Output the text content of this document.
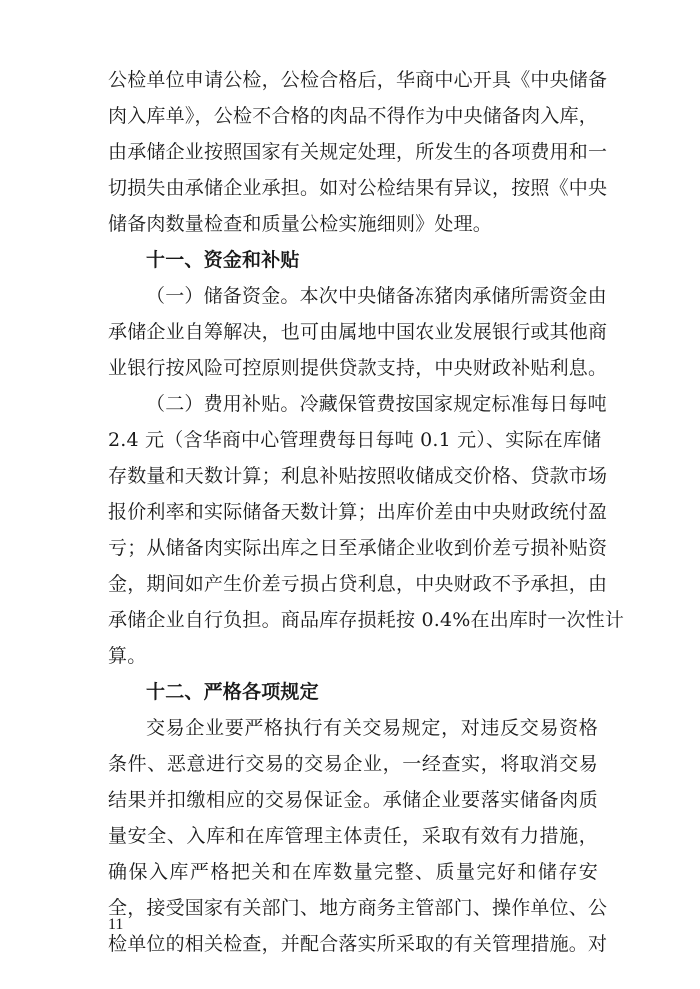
公检单位申请公检，公检合格后，华商中心开具《中央储备
肉入库单》，公检不合格的肉品不得作为中央储备肉入库，
由承储企业按照国家有关规定处理，所发生的各项费用和一
切损失由承储企业承担。如对公检结果有异议，按照《中央
储备肉数量检查和质量公检实施细则》处理。
十一、资金和补贴
（一）储备资金。本次中央储备冻猪肉承储所需资金由
承储企业自筹解决，也可由属地中国农业发展银行或其他商
业银行按风险可控原则提供贷款支持，中央财政补贴利息。
（二）费用补贴。冷藏保管费按国家规定标准每日每吨
2.4 元（含华商中心管理费每日每吨 0.1 元）、实际在库储
存数量和天数计算；利息补贴按照收储成交价格、贷款市场
报价利率和实际储备天数计算；出库价差由中央财政统付盈
亏；从储备肉实际出库之日至承储企业收到价差亏损补贴资
金，期间如产生价差亏损占贷利息，中央财政不予承担，由
承储企业自行负担。商品库存损耗按 0.4%在出库时一次性计
算。
十二、严格各项规定
交易企业要严格执行有关交易规定，对违反交易资格
条件、恶意进行交易的交易企业，一经查实，将取消交易
结果并扣缴相应的交易保证金。承储企业要落实储备肉质
量安全、入库和在库管理主体责任，采取有效有力措施，
确保入库严格把关和在库数量完整、质量完好和储存安
全，接受国家有关部门、地方商务主管部门、操作单位、公
检单位的相关检查，并配合落实所采取的有关管理措施。对
11
